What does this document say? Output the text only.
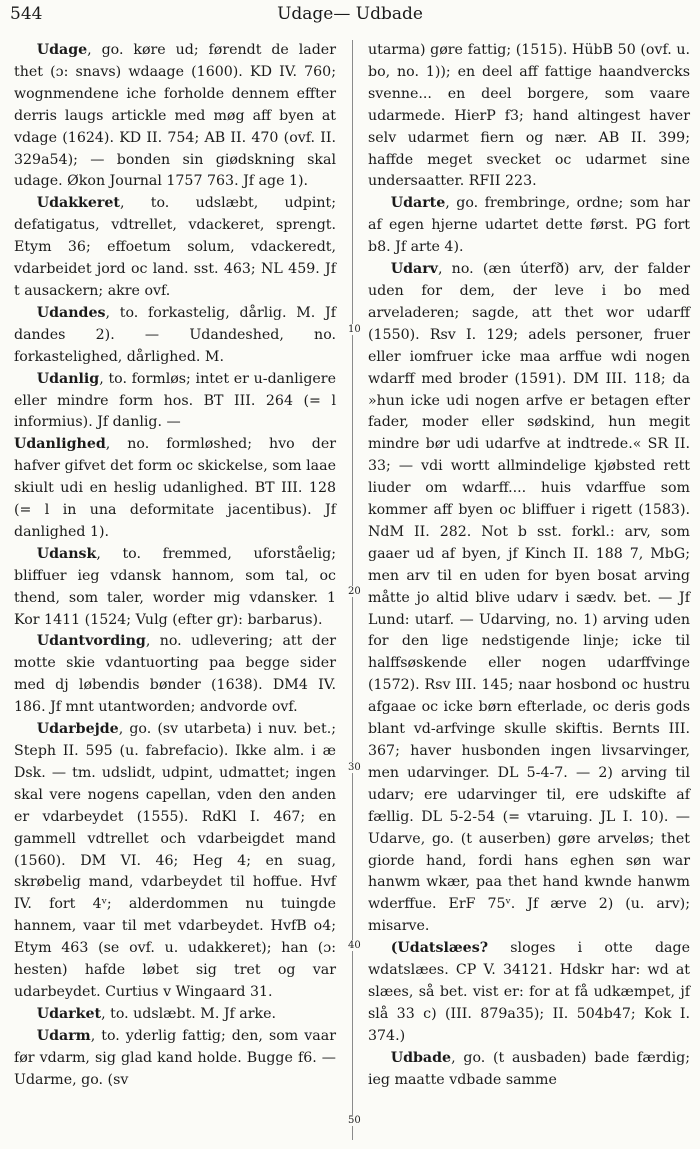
544	Udage— Udbade
10
20
30
40
50

Udage, go. køre ud; førendt de lader thet (ɔ: snavs) wdaage (1600). KD IV. 760; wognmendene iche forholde dennem effter derris laugs artickle med møg aff byen at vdage (1624). KD II. 754; AB II. 470 (ovf. II. 329a54); — bonden sin giødskning skal udage. Økon Journal 1757 763. Jf age 1).

Udakkeret, to. udslæbt, udpint; defatigatus, vdtrellet, vdackeret, sprengt. Etym 36; effoetum solum, vdackeredt, vdarbeidet jord oc land. sst. 463; NL 459. Jf t ausackern; akre ovf.

Udandes, to. forkastelig, dårlig. M. Jf dandes 2). — Udandeshed, no. forkastelighed, dårlighed. M.

Udanlig, to. formløs; intet er u-danligere eller mindre form hos. BT III. 264 (= l informius). Jf danlig. —

Udanlighed, no. formløshed; hvo der hafver gifvet det form oc skickelse, som laae skiult udi en heslig udanlighed. BT III. 128 (= l in una deformitate jacentibus). Jf danlighed 1).

Udansk, to. fremmed, uforståelig; bliffuer ieg vdansk hannom, som tal, oc thend, som taler, worder mig vdansker. 1 Kor 1411 (1524; Vulg (efter gr): barbarus).

Udantvording, no. udlevering; att der motte skie vdantuorting paa begge sider med dj løbendis bønder (1638). DM4 IV. 186. Jf mnt utantworden; andvorde ovf.

Udarbejde, go. (sv utarbeta) i nuv. bet.; Steph II. 595 (u. fabrefacio). Ikke alm. i æ Dsk. — tm. udslidt, udpint, udmattet; ingen skal vere nogens capellan, vden den anden er vdarbeydet (1555). RdKl I. 467; en gammell vdtrellet och vdarbeigdet mand (1560). DM VI. 46; Heg 4; en suag, skrøbelig mand, vdarbeydet til hoffue. Hvf IV. fort 4ᵛ; alderdommen nu tuingde hannem, vaar til met vdarbeydet. HvfB o4; Etym 463 (se ovf. u. udakkeret); han (ɔ: hesten) hafde løbet sig tret og var udarbeydet. Curtius v Wingaard 31.

Udarket, to. udslæbt. M. Jf arke.

Udarm, to. yderlig fattig; den, som vaar før vdarm, sig glad kand holde. Bugge f6. — Udarme, go. (sv

utarma) gøre fattig; (1515). HübB 50 (ovf. u. bo, no. 1)); en deel aff fattige haandvercks svenne... en deel borgere, som vaare udarmede. HierP f3; hand altingest haver selv udarmet fiern og nær. AB II. 399; haffde meget svecket oc udarmet sine undersaatter. RFII 223.

Udarte, go. frembringe, ordne; som har af egen hjerne udartet dette først. PG fort b8. Jf arte 4).

Udarv, no. (æn úterfð) arv, der falder uden for dem, der leve i bo med arveladeren; sagde, att thet wor udarff (1550). Rsv I. 129; adels personer, fruer eller iomfruer icke maa arffue wdi nogen wdarff med broder (1591). DM III. 118; da »hun icke udi nogen arfve er betagen efter fader, moder eller sødskind, hun megit mindre bør udi udarfve at indtrede.« SR II. 33; — vdi wortt allmindelige kjøbsted rett liuder om wdarff.... huis vdarffue som kommer aff byen oc bliffuer i rigett (1583). NdM II. 282. Not b sst. forkl.: arv, som gaaer ud af byen, jf Kinch II. 188 7, MbG; men arv til en uden for byen bosat arving måtte jo altid blive udarv i sædv. bet. — Jf Lund: utarf. — Udarving, no. 1) arving uden for den lige nedstigende linje; icke til halffsøskende eller nogen udarffvinge (1572). Rsv III. 145; naar hosbond oc hustru afgaae oc icke børn efterlade, oc deris gods blant vd-arfvinge skulle skiftis. Bernts III. 367; haver husbonden ingen livsarvinger, men udarvinger. DL 5-4-7. — 2) arving til udarv; ere udarvinger til, ere udskifte af fællig. DL 5-2-54 (= vtaruing. JL I. 10). — Udarve, go. (t auserben) gøre arveløs; thet giorde hand, fordi hans eghen søn war hanwm wkær, paa thet hand kwnde hanwm wderffue. ErF 75ᵛ. Jf ærve 2) (u. arv); misarve.

(Udatslæes? sloges i otte dage wdatslæes. CP V. 34121. Hdskr har: wd at slæes, så bet. vist er: for at få udkæmpet, jf slå 33 c) (III. 879a35); II. 504b47; Kok I. 374.)

Udbade, go. (t ausbaden) bade færdig; ieg maatte vdbade samme
